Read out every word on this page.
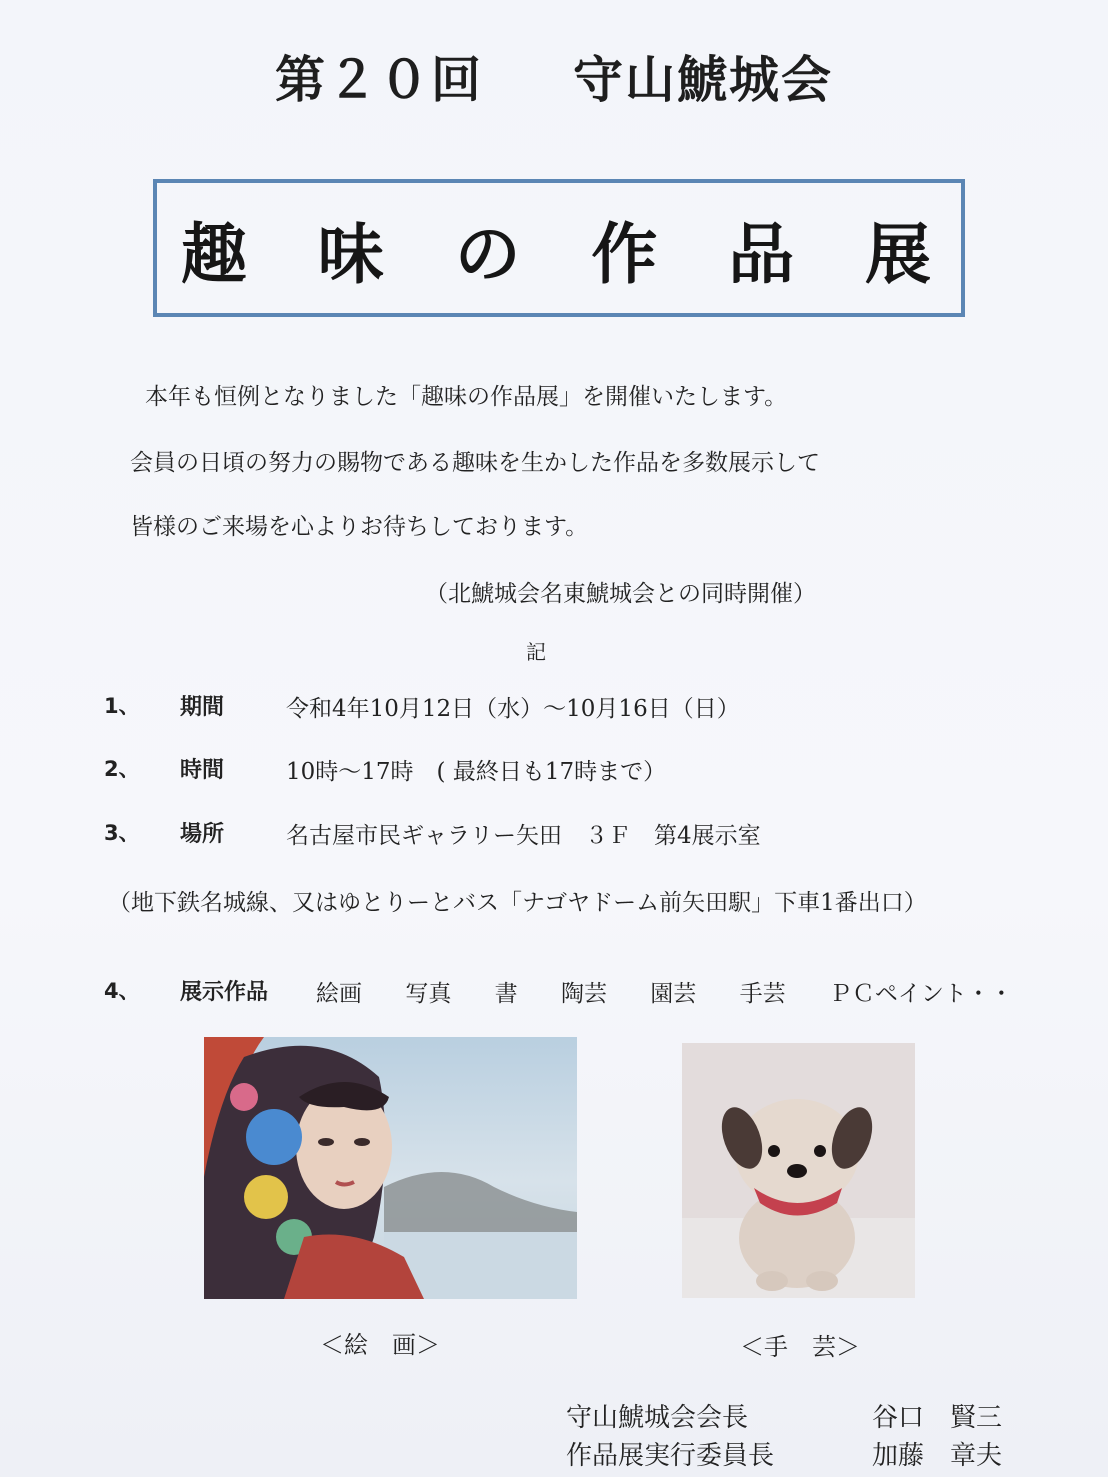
第２０回 守山鯱城会
趣 味 の 作 品 展
本年も恒例となりました「趣味の作品展」を開催いたします。
会員の日頃の努力の賜物である趣味を生かした作品を多数展示して
皆様のご来場を心よりお待ちしております。
（北鯱城会名東鯱城会との同時開催）
記
1、 期間	令和4年10月12日（水）〜10月16日（日）
2、 時間	10時〜17時　( 最終日も17時まで）
3、 場所	名古屋市民ギャラリー矢田　３Ｆ　第4展示室
（地下鉄名城線、又はゆとりーとバス「ナゴヤドーム前矢田駅」下車1番出口）
4、 展示作品 絵画 写真 書 陶芸 園芸 手芸 ＰＣペイント・・
＜絵　画＞	＜手　芸＞
守山鯱城会会長	谷口　賢三
作品展実行委員長	加藤　章夫
